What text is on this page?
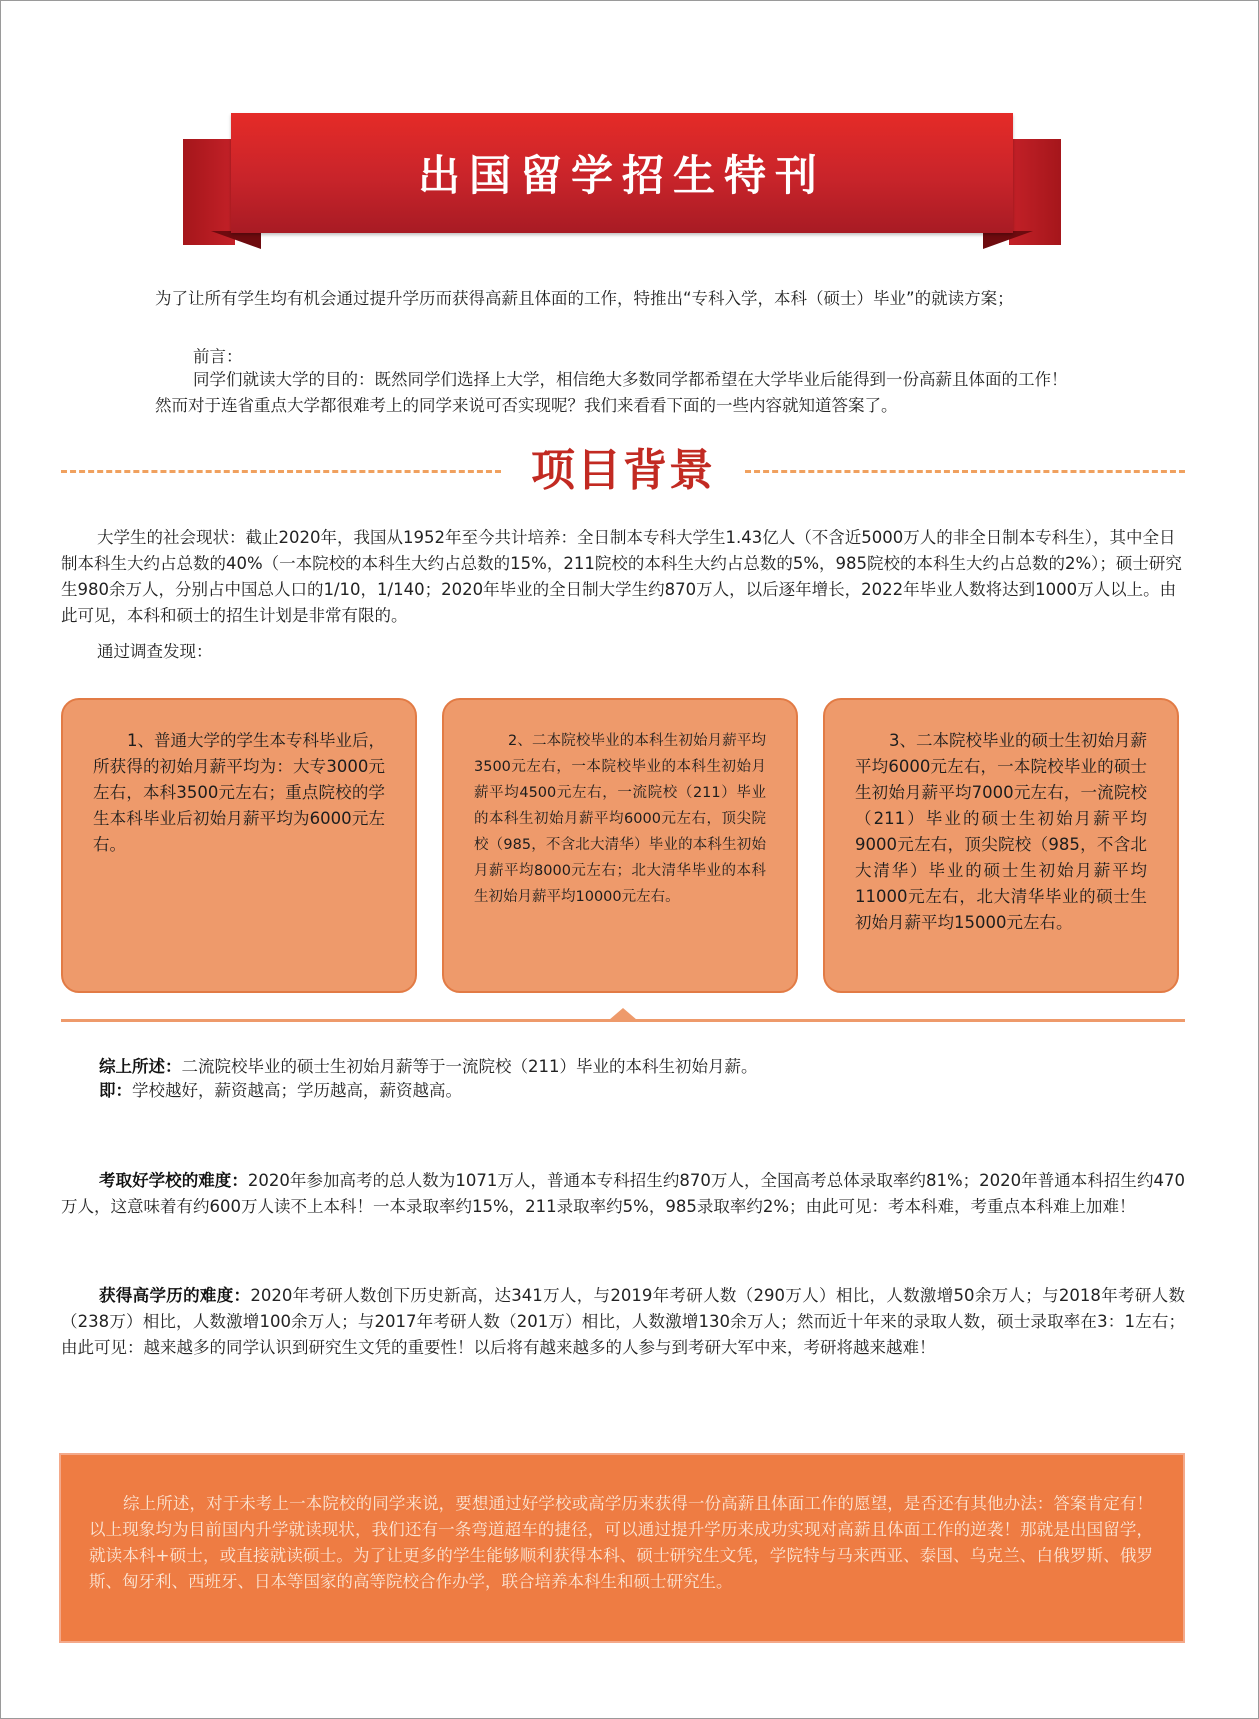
出国留学招生特刊
为了让所有学生均有机会通过提升学历而获得高薪且体面的工作，特推出“专科入学，本科（硕士）毕业”的就读方案；
前言：
同学们就读大学的目的：既然同学们选择上大学，相信绝大多数同学都希望在大学毕业后能得到一份高薪且体面的工作！然而对于连省重点大学都很难考上的同学来说可否实现呢？我们来看看下面的一些内容就知道答案了。
项目背景
大学生的社会现状：截止2020年，我国从1952年至今共计培养：全日制本专科大学生1.43亿人（不含近5000万人的非全日制本专科生），其中全日制本科生大约占总数的40%（一本院校的本科生大约占总数的15%，211院校的本科生大约占总数的5%，985院校的本科生大约占总数的2%）；硕士研究生980余万人，分别占中国总人口的1/10，1/140；2020年毕业的全日制大学生约870万人，以后逐年增长，2022年毕业人数将达到1000万人以上。由此可见，本科和硕士的招生计划是非常有限的。
通过调查发现：
1、普通大学的学生本专科毕业后，所获得的初始月薪平均为：大专3000元左右，本科3500元左右；重点院校的学生本科毕业后初始月薪平均为6000元左右。
2、二本院校毕业的本科生初始月薪平均3500元左右，一本院校毕业的本科生初始月薪平均4500元左右，一流院校（211）毕业的本科生初始月薪平均6000元左右，顶尖院校（985，不含北大清华）毕业的本科生初始月薪平均8000元左右；北大清华毕业的本科生初始月薪平均10000元左右。
3、二本院校毕业的硕士生初始月薪平均6000元左右，一本院校毕业的硕士生初始月薪平均7000元左右，一流院校（211）毕业的硕士生初始月薪平均9000元左右，顶尖院校（985，不含北大清华）毕业的硕士生初始月薪平均11000元左右，北大清华毕业的硕士生初始月薪平均15000元左右。
综上所述：二流院校毕业的硕士生初始月薪等于一流院校（211）毕业的本科生初始月薪。
即：学校越好，薪资越高；学历越高，薪资越高。
考取好学校的难度：2020年参加高考的总人数为1071万人，普通本专科招生约870万人，全国高考总体录取率约81%；2020年普通本科招生约470万人，这意味着有约600万人读不上本科！一本录取率约15%，211录取率约5%，985录取率约2%；由此可见：考本科难，考重点本科难上加难！
获得高学历的难度：2020年考研人数创下历史新高，达341万人，与2019年考研人数（290万人）相比，人数激增50余万人；与2018年考研人数（238万）相比，人数激增100余万人；与2017年考研人数（201万）相比，人数激增130余万人；然而近十年来的录取人数，硕士录取率在3：1左右；由此可见：越来越多的同学认识到研究生文凭的重要性！以后将有越来越多的人参与到考研大军中来，考研将越来越难！
综上所述，对于未考上一本院校的同学来说，要想通过好学校或高学历来获得一份高薪且体面工作的愿望，是否还有其他办法：答案肯定有！以上现象均为目前国内升学就读现状，我们还有一条弯道超车的捷径，可以通过提升学历来成功实现对高薪且体面工作的逆袭！那就是出国留学，就读本科+硕士，或直接就读硕士。为了让更多的学生能够顺利获得本科、硕士研究生文凭，学院特与马来西亚、泰国、乌克兰、白俄罗斯、俄罗斯、匈牙利、西班牙、日本等国家的高等院校合作办学，联合培养本科生和硕士研究生。
